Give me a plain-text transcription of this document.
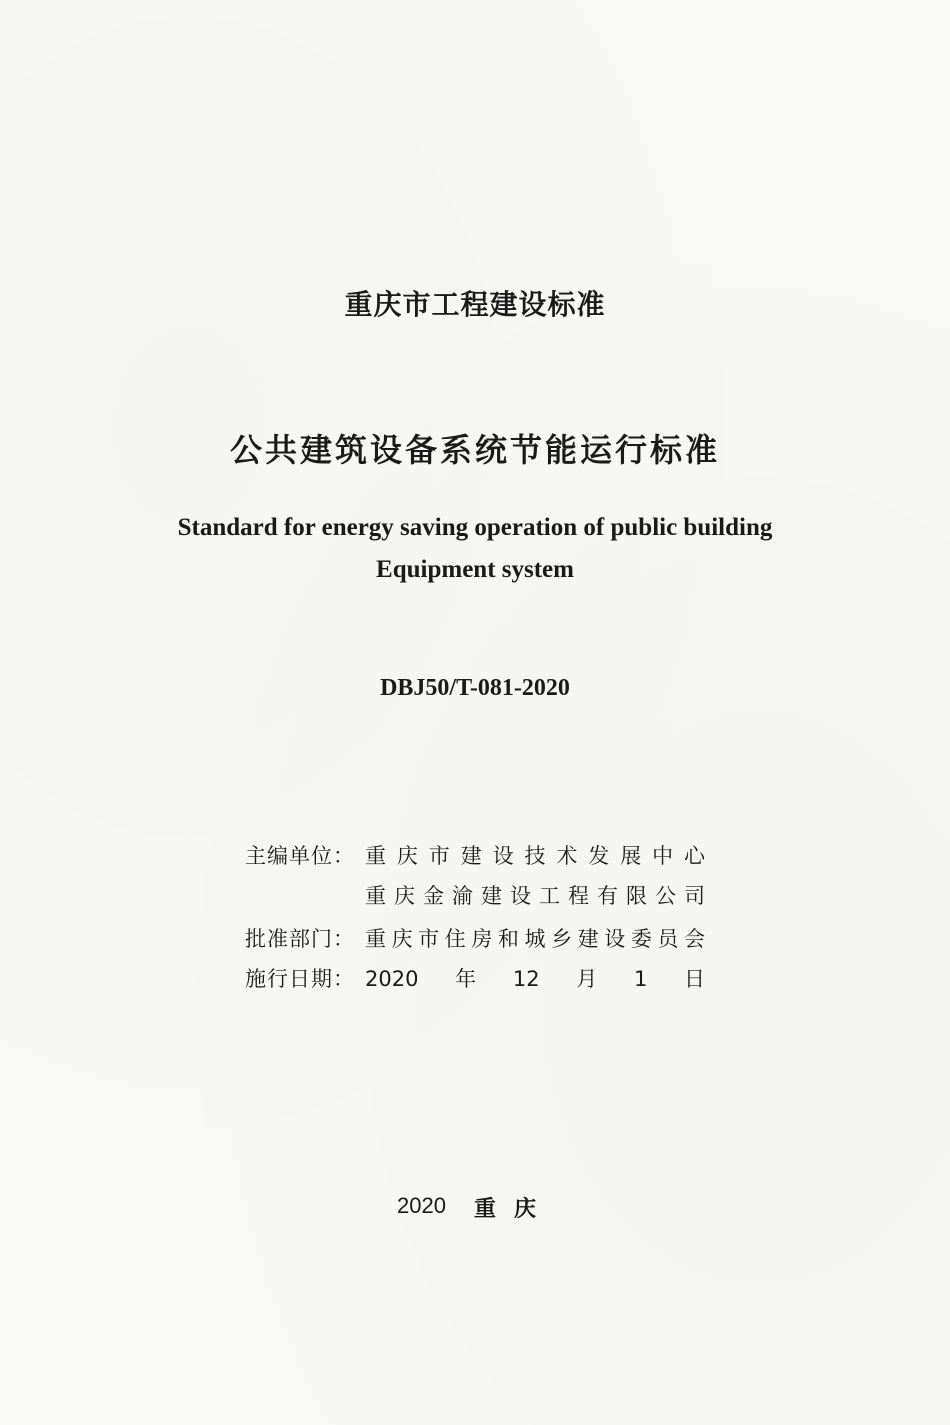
重庆市工程建设标准
公共建筑设备系统节能运行标准
Standard for energy saving operation of public building
Equipment system
DBJ50/T-081-2020
主编单位： 重庆市建设技术发展中心
重庆金渝建设工程有限公司
批准部门： 重庆市住房和城乡建设委员会
施行日期： 2020年12月1日
2020 重庆
